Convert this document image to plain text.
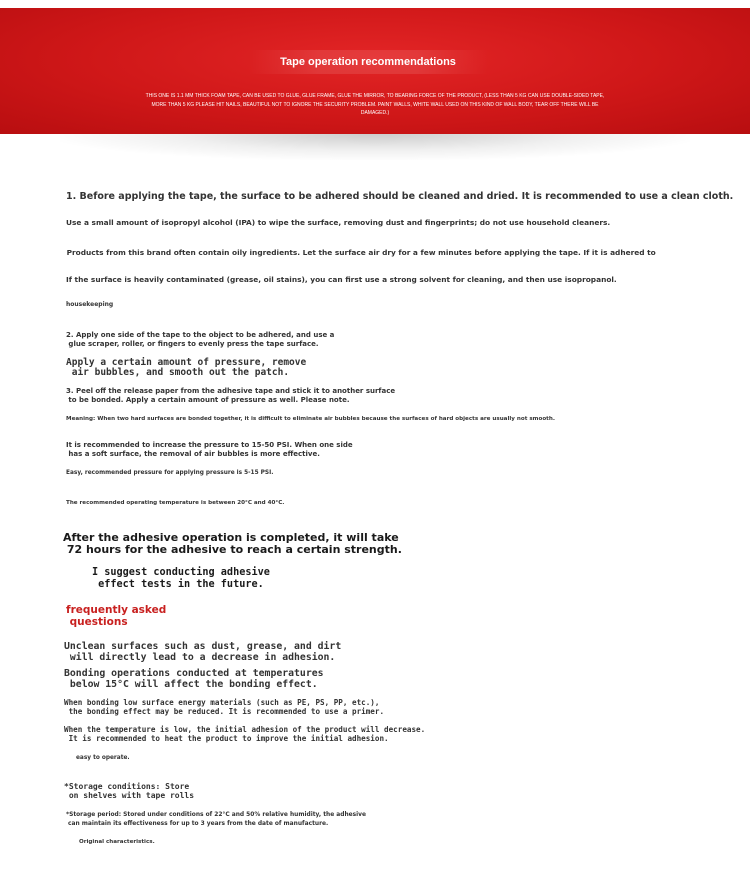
Tape operation recommendations
THIS ONE IS 1.1 MM THICK FOAM TAPE, CAN BE USED TO GLUE, GLUE FRAME, GLUE THE MIRROR, TO BEARING FORCE OF THE PRODUCT, (LESS THAN 5 KG CAN USE DOUBLE-SIDED TAPE, MORE THAN 5 KG PLEASE HIT NAILS, BEAUTIFUL NOT TO IGNORE THE SECURITY PROBLEM. PAINT WALLS, WHITE WALL USED ON THIS KIND OF WALL BODY, TEAR OFF THERE WILL BE DAMAGED.)

1. Before applying the tape, the surface to be adhered should be cleaned and dried. It is recommended to use a clean cloth.

Use a small amount of isopropyl alcohol (IPA) to wipe the surface, removing dust and fingerprints; do not use household cleaners.

Products from this brand often contain oily ingredients. Let the surface air dry for a few minutes before applying the tape. If it is adhered to

If the surface is heavily contaminated (grease, oil stains), you can first use a strong solvent for cleaning, and then use isopropanol.

housekeeping

2. Apply one side of the tape to the object to be adhered, and use a
glue scraper, roller, or fingers to evenly press the tape surface.

Apply a certain amount of pressure, remove
air bubbles, and smooth out the patch.

3. Peel off the release paper from the adhesive tape and stick it to another surface
to be bonded. Apply a certain amount of pressure as well. Please note.

Meaning: When two hard surfaces are bonded together, it is difficult to eliminate air bubbles because the surfaces of hard objects are usually not smooth.

It is recommended to increase the pressure to 15-50 PSI. When one side
has a soft surface, the removal of air bubbles is more effective.

Easy, recommended pressure for applying pressure is 5-15 PSI.

The recommended operating temperature is between 20°C and 40°C.

After the adhesive operation is completed, it will take
72 hours for the adhesive to reach a certain strength.

I suggest conducting adhesive
effect tests in the future.

frequently asked
questions

Unclean surfaces such as dust, grease, and dirt
will directly lead to a decrease in adhesion.

Bonding operations conducted at temperatures
below 15°C will affect the bonding effect.

When bonding low surface energy materials (such as PE, PS, PP, etc.),
the bonding effect may be reduced. It is recommended to use a primer.

When the temperature is low, the initial adhesion of the product will decrease.
It is recommended to heat the product to improve the initial adhesion.

easy to operate.

*Storage conditions: Store
on shelves with tape rolls

*Storage period: Stored under conditions of 22°C and 50% relative humidity, the adhesive
can maintain its effectiveness for up to 3 years from the date of manufacture.

Original characteristics.
